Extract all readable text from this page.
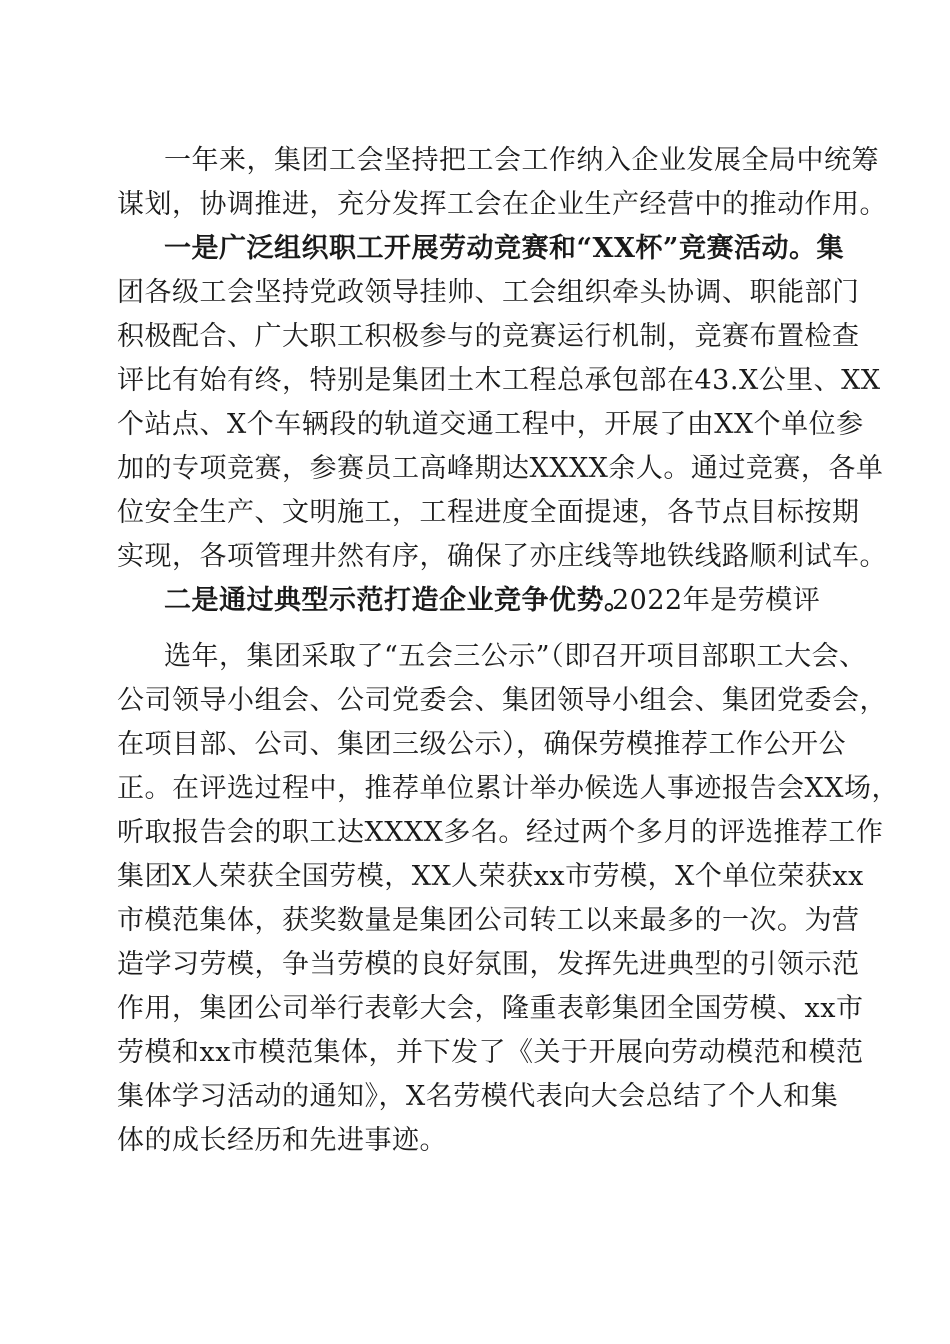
一年来，集团工会坚持把工会工作纳入企业发展全局中统筹
谋划，协调推进，充分发挥工会在企业生产经营中的推动作用。
一是广泛组织职工开展劳动竞赛和“XX杯”竞赛活动。集
团各级工会坚持党政领导挂帅、工会组织牵头协调、职能部门
积极配合、广大职工积极参与的竞赛运行机制，竞赛布置检查
评比有始有终，特别是集团土木工程总承包部在43.X公里、XX
个站点、X个车辆段的轨道交通工程中，开展了由XX个单位参
加的专项竞赛，参赛员工高峰期达XXXX余人。通过竞赛，各单
位安全生产、文明施工，工程进度全面提速，各节点目标按期
实现，各项管理井然有序，确保了亦庄线等地铁线路顺利试车。
二是通过典型示范打造企业竞争优势。
2022年是劳模评
选年，集团采取了“五会三公示”（即召开项目部职工大会、
公司领导小组会、公司党委会、集团领导小组会、集团党委会，
在项目部、公司、集团三级公示），确保劳模推荐工作公开公
正。在评选过程中，推荐单位累计举办候选人事迹报告会XX场，
听取报告会的职工达XXXX多名。经过两个多月的评选推荐工作
集团X人荣获全国劳模，XX人荣获xx市劳模，X个单位荣获xx
市模范集体，获奖数量是集团公司转工以来最多的一次。为营
造学习劳模，争当劳模的良好氛围，发挥先进典型的引领示范
作用，集团公司举行表彰大会，隆重表彰集团全国劳模、xx市
劳模和xx市模范集体，并下发了《关于开展向劳动模范和模范
集体学习活动的通知》，X名劳模代表向大会总结了个人和集
体的成长经历和先进事迹。
